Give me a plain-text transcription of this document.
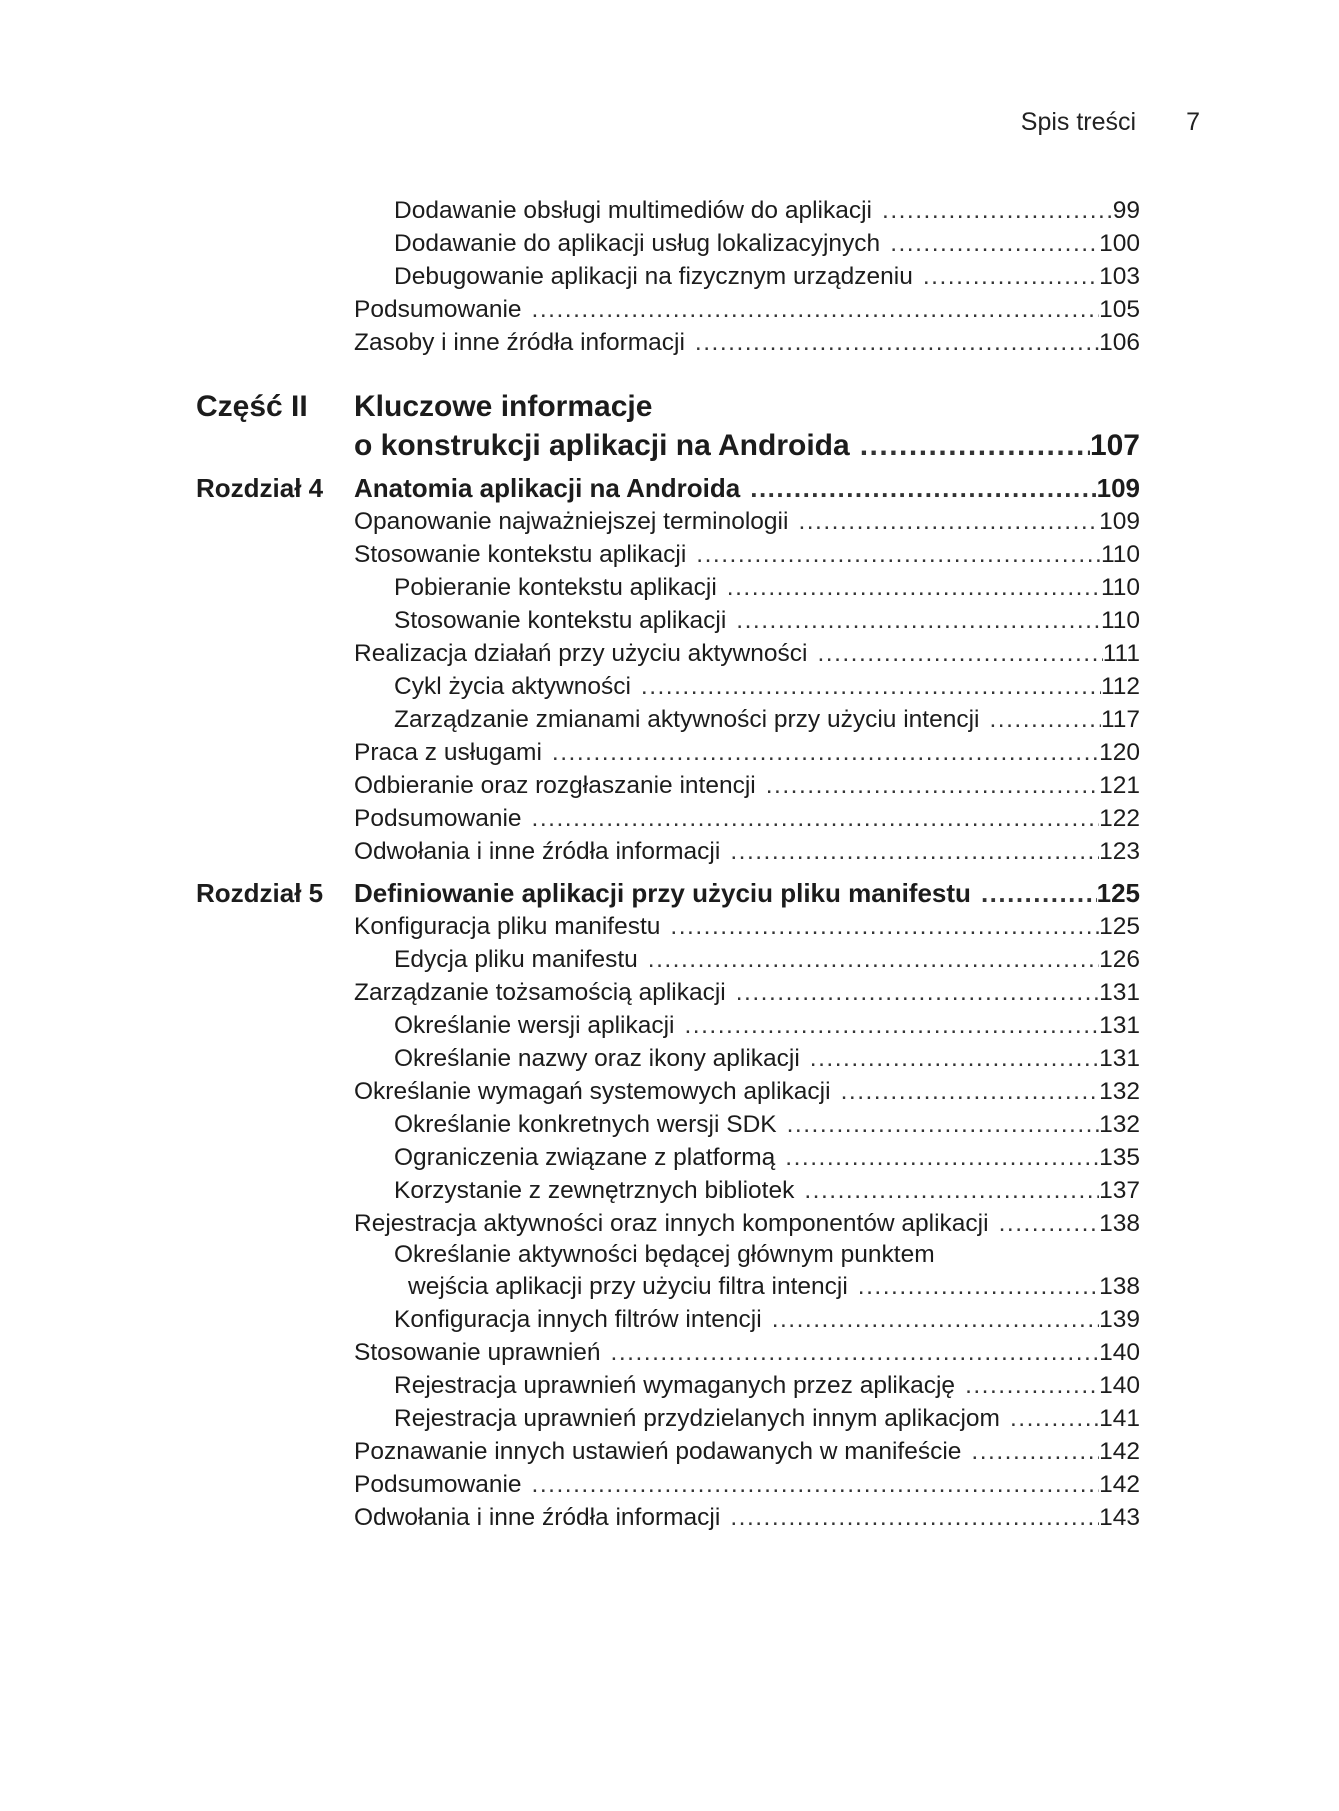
Spis treści 7
Dodawanie obsługi multimediów do aplikacji .....	99
Dodawanie do aplikacji usług lokalizacyjnych .....	100
Debugowanie aplikacji na fizycznym urządzeniu .....	103
Podsumowanie .....	105
Zasoby i inne źródła informacji .....	106
Część II	Kluczowe informacje
o konstrukcji aplikacji na Androida .....	107
Rozdział 4	Anatomia aplikacji na Androida .....	109
Opanowanie najważniejszej terminologii .....	109
Stosowanie kontekstu aplikacji .....	110
Pobieranie kontekstu aplikacji .....	110
Stosowanie kontekstu aplikacji .....	110
Realizacja działań przy użyciu aktywności .....	111
Cykl życia aktywności .....	112
Zarządzanie zmianami aktywności przy użyciu intencji .....	117
Praca z usługami .....	120
Odbieranie oraz rozgłaszanie intencji .....	121
Podsumowanie .....	122
Odwołania i inne źródła informacji .....	123
Rozdział 5	Definiowanie aplikacji przy użyciu pliku manifestu .....	125
Konfiguracja pliku manifestu .....	125
Edycja pliku manifestu .....	126
Zarządzanie tożsamością aplikacji .....	131
Określanie wersji aplikacji .....	131
Określanie nazwy oraz ikony aplikacji .....	131
Określanie wymagań systemowych aplikacji .....	132
Określanie konkretnych wersji SDK .....	132
Ograniczenia związane z platformą .....	135
Korzystanie z zewnętrznych bibliotek .....	137
Rejestracja aktywności oraz innych komponentów aplikacji .....	138
Określanie aktywności będącej głównym punktem
wejścia aplikacji przy użyciu filtra intencji .....	138
Konfiguracja innych filtrów intencji .....	139
Stosowanie uprawnień .....	140
Rejestracja uprawnień wymaganych przez aplikację .....	140
Rejestracja uprawnień przydzielanych innym aplikacjom .....	141
Poznawanie innych ustawień podawanych w manifeście .....	142
Podsumowanie .....	142
Odwołania i inne źródła informacji .....	143
